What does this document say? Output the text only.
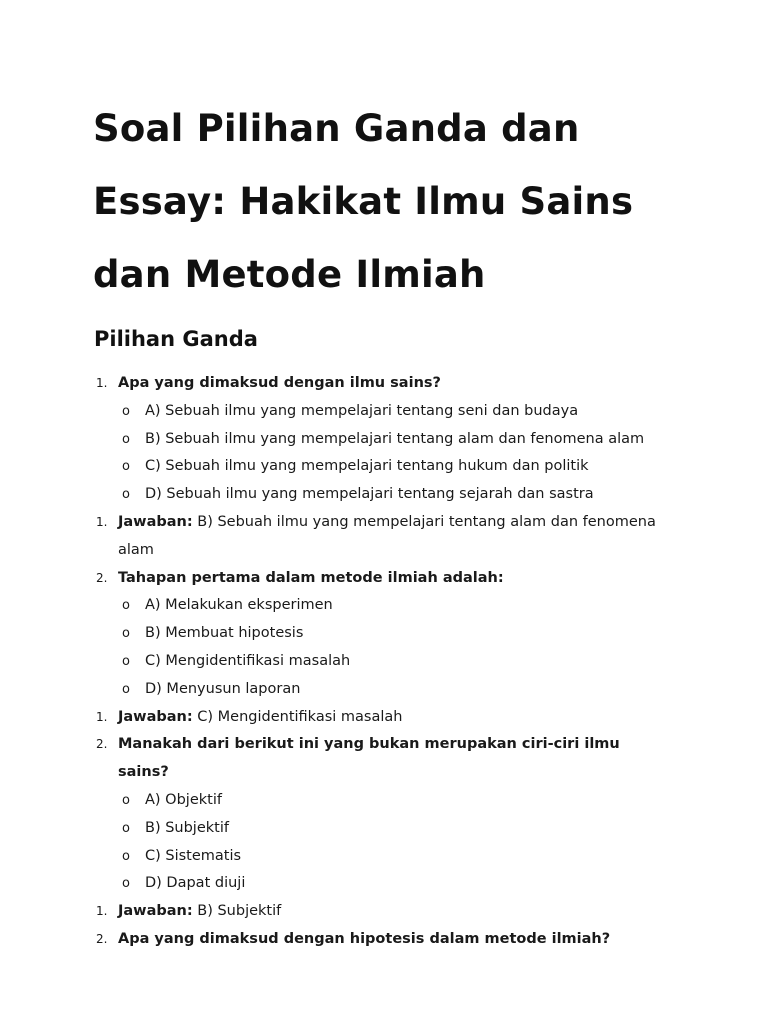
Soal Pilihan Ganda dan Essay: Hakikat Ilmu Sains dan Metode Ilmiah
Pilihan Ganda
1. Apa yang dimaksud dengan ilmu sains?
o A) Sebuah ilmu yang mempelajari tentang seni dan budaya
o B) Sebuah ilmu yang mempelajari tentang alam dan fenomena alam
o C) Sebuah ilmu yang mempelajari tentang hukum dan politik
o D) Sebuah ilmu yang mempelajari tentang sejarah dan sastra
1. Jawaban: B) Sebuah ilmu yang mempelajari tentang alam dan fenomena alam
2. Tahapan pertama dalam metode ilmiah adalah:
o A) Melakukan eksperimen
o B) Membuat hipotesis
o C) Mengidentifikasi masalah
o D) Menyusun laporan
1. Jawaban: C) Mengidentifikasi masalah
2. Manakah dari berikut ini yang bukan merupakan ciri-ciri ilmu sains?
o A) Objektif
o B) Subjektif
o C) Sistematis
o D) Dapat diuji
1. Jawaban: B) Subjektif
2. Apa yang dimaksud dengan hipotesis dalam metode ilmiah?
